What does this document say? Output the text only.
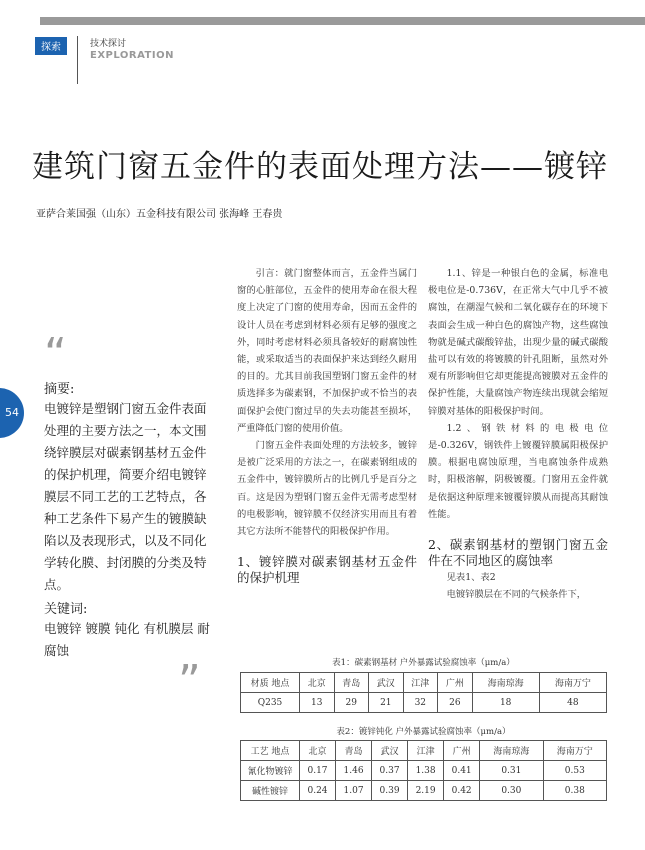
探索	技术探讨
EXPLORATION
54
建筑门窗五金件的表面处理方法——镀锌
亚萨合莱国强（山东）五金科技有限公司 张海峰 王春贵
“
摘要:
电镀锌是塑钢门窗五金件表面处理的主要方法之一，本文围绕锌膜层对碳素钢基材五金件的保护机理，简要介绍电镀锌膜层不同工艺的工艺特点，各种工艺条件下易产生的镀膜缺陷以及表现形式，以及不同化学转化膜、封闭膜的分类及特点。
关键词:
电镀锌 镀膜 钝化 有机膜层 耐腐蚀
”

引言：就门窗整体而言，五金件当属门窗的心脏部位，五金件的使用寿命在很大程度上决定了门窗的使用寿命，因而五金件的设计人员在考虑到材料必须有足够的强度之外，同时考虑材料必须具备较好的耐腐蚀性能，或采取适当的表面保护来达到经久耐用的目的。尤其目前我国塑钢门窗五金件的材质选择多为碳素钢，不加保护或不恰当的表面保护会使门窗过早的失去功能甚至损坏，严重降低门窗的使用价值。

门窗五金件表面处理的方法较多，镀锌是被广泛采用的方法之一，在碳素钢组成的五金件中，镀锌膜所占的比例几乎是百分之百。这是因为塑钢门窗五金件无需考虑型材的电极影响，镀锌膜不仅经济实用而且有着其它方法所不能替代的阳极保护作用。

1、镀锌膜对碳素钢基材五金件的保护机理

1.1、锌是一种银白色的金属，标准电极电位是-0.736V，在正常大气中几乎不被腐蚀，在潮湿气候和二氧化碳存在的环境下表面会生成一种白色的腐蚀产物，这些腐蚀物就是碱式碳酸锌盐，出现少量的碱式碳酸盐可以有效的将镀膜的针孔阻断，虽然对外观有所影响但它却更能提高镀膜对五金件的保护性能，大量腐蚀产物连续出现就会缩短锌膜对基体的阳极保护时间。

1.2、钢铁材料的电极电位是-0.326V，钢铁件上镀覆锌膜属阳极保护膜。根据电腐蚀原理，当电腐蚀条件成熟时，阳极溶解，阴极镀覆。门窗用五金件就是依据这种原理来镀覆锌膜从而提高其耐蚀性能。

2、碳素钢基材的塑钢门窗五金件在不同地区的腐蚀率

见表1、表2

电镀锌膜层在不同的气候条件下，

表1：碳素钢基材 户外暴露试验腐蚀率（μm/a）
材质 地点	北京	青岛	武汉	江津	广州	海南琼海	海南万宁
Q235	13	29	21	32	26	18	48
表2：镀锌钝化 户外暴露试验腐蚀率（μm/a）
工艺 地点	北京	青岛	武汉	江津	广州	海南琼海	海南万宁
氰化物镀锌	0.17	1.46	0.37	1.38	0.41	0.31	0.53
碱性镀锌	0.24	1.07	0.39	2.19	0.42	0.30	0.38
